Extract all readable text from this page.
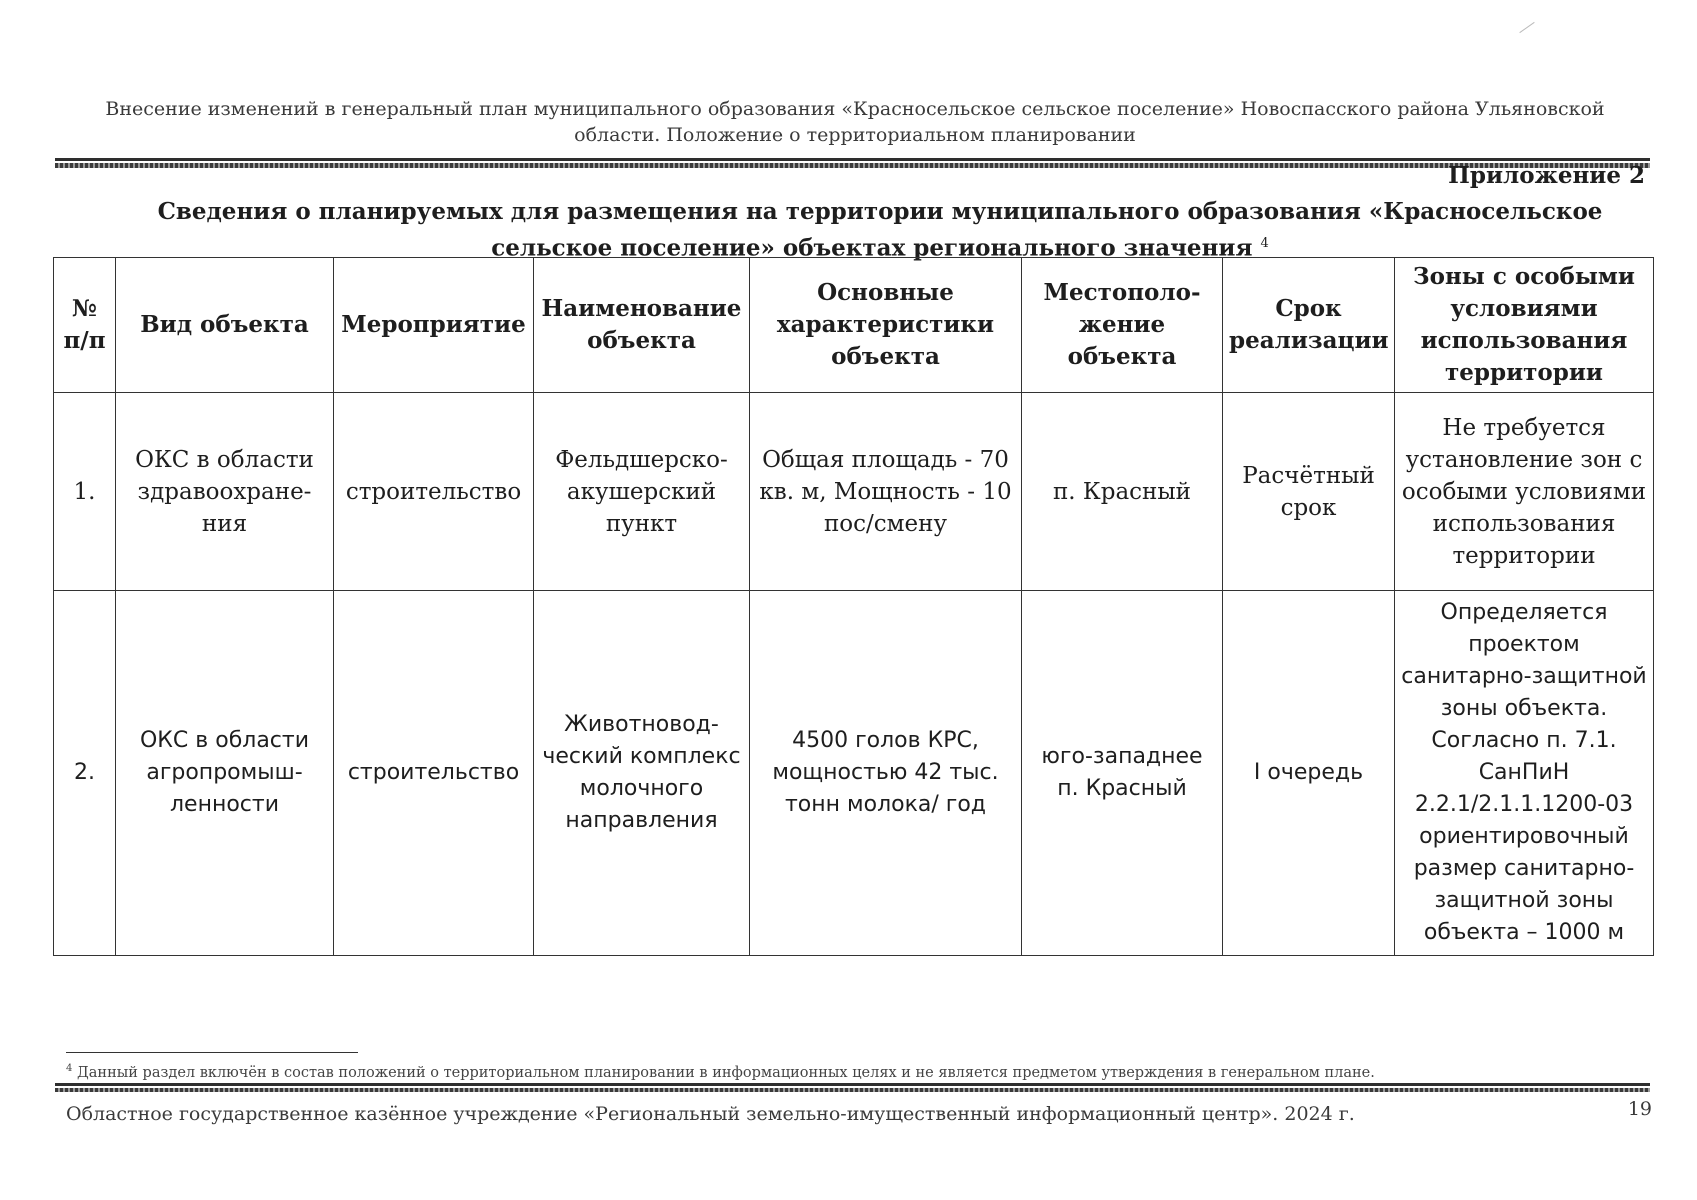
Внесение изменений в генеральный план муниципального образования «Красносельское сельское поселение» Новоспасского района Ульяновской области. Положение о территориальном планировании
Приложение 2
Сведения о планируемых для размещения на территории муниципального образования «Красносельское сельское поселение» объектах регионального значения $^4$
№ п/п	Вид объекта	Мероприятие	Наименование объекта	Основные характеристики объекта	Местополо-жение объекта	Срок реализации	Зоны с особыми условиями использования территории
1.	ОКС в области здравоохране-ния	строительство	Фельдшерско-акушерский пункт	Общая площадь - 70 кв. м, Мощность - 10 пос/смену	п. Красный	Расчётный срок	Не требуется установление зон с особыми условиями использования территории
2.	ОКС в области агропромыш-ленности	строительство	Животновод-ческий комплекс молочного направления	4500 голов КРС, мощностью 42 тыс. тонн молока/ год	юго-западнее п. Красный	I очередь	Определяется проектом санитарно-защитной зоны объекта. Согласно п. 7.1. СанПиН 2.2.1/2.1.1.1200-03 ориентировочный размер санитарно-защитной зоны объекта – 1000 м
$^4$ Данный раздел включён в состав положений о территориальном планировании в информационных целях и не является предметом утверждения в генеральном плане.
Областное государственное казённое учреждение «Региональный земельно-имущественный информационный центр». 2024 г.	19
